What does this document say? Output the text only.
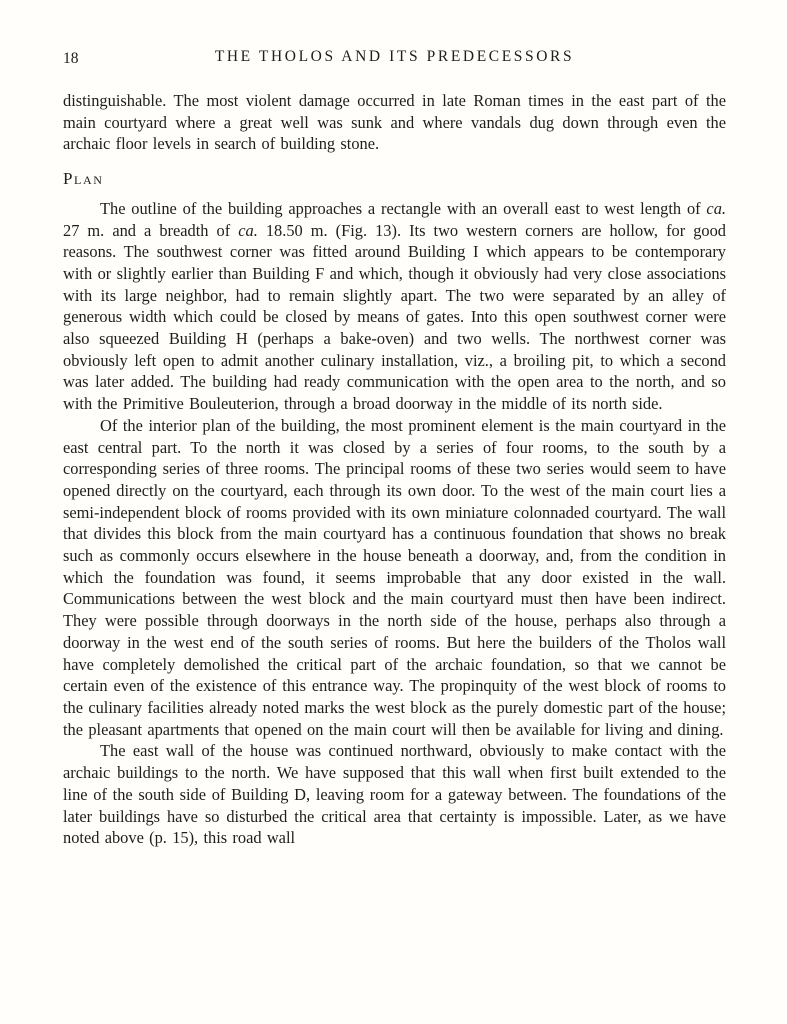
18	THE THOLOS AND ITS PREDECESSORS

distinguishable. The most violent damage occurred in late Roman times in the east part of the main courtyard where a great well was sunk and where vandals dug down through even the archaic floor levels in search of building stone.

Plan

The outline of the building approaches a rectangle with an overall east to west length of ca. 27 m. and a breadth of ca. 18.50 m. (Fig. 13). Its two western corners are hollow, for good reasons. The southwest corner was fitted around Building I which appears to be contemporary with or slightly earlier than Building F and which, though it obviously had very close associations with its large neighbor, had to remain slightly apart. The two were separated by an alley of generous width which could be closed by means of gates. Into this open southwest corner were also squeezed Building H (perhaps a bake-oven) and two wells. The northwest corner was obviously left open to admit another culinary installation, viz., a broiling pit, to which a second was later added. The building had ready communication with the open area to the north, and so with the Primitive Bouleuterion, through a broad doorway in the middle of its north side.

Of the interior plan of the building, the most prominent element is the main courtyard in the east central part. To the north it was closed by a series of four rooms, to the south by a corresponding series of three rooms. The principal rooms of these two series would seem to have opened directly on the courtyard, each through its own door. To the west of the main court lies a semi-independent block of rooms provided with its own miniature colonnaded courtyard. The wall that divides this block from the main courtyard has a continuous foundation that shows no break such as commonly occurs elsewhere in the house beneath a doorway, and, from the condition in which the foundation was found, it seems improbable that any door existed in the wall. Communications between the west block and the main courtyard must then have been indirect. They were possible through doorways in the north side of the house, perhaps also through a doorway in the west end of the south series of rooms. But here the builders of the Tholos wall have completely demolished the critical part of the archaic foundation, so that we cannot be certain even of the existence of this entrance way. The propinquity of the west block of rooms to the culinary facilities already noted marks the west block as the purely domestic part of the house; the pleasant apartments that opened on the main court will then be available for living and dining.

The east wall of the house was continued northward, obviously to make contact with the archaic buildings to the north. We have supposed that this wall when first built extended to the line of the south side of Building D, leaving room for a gateway between. The foundations of the later buildings have so disturbed the critical area that certainty is impossible. Later, as we have noted above (p. 15), this road wall
